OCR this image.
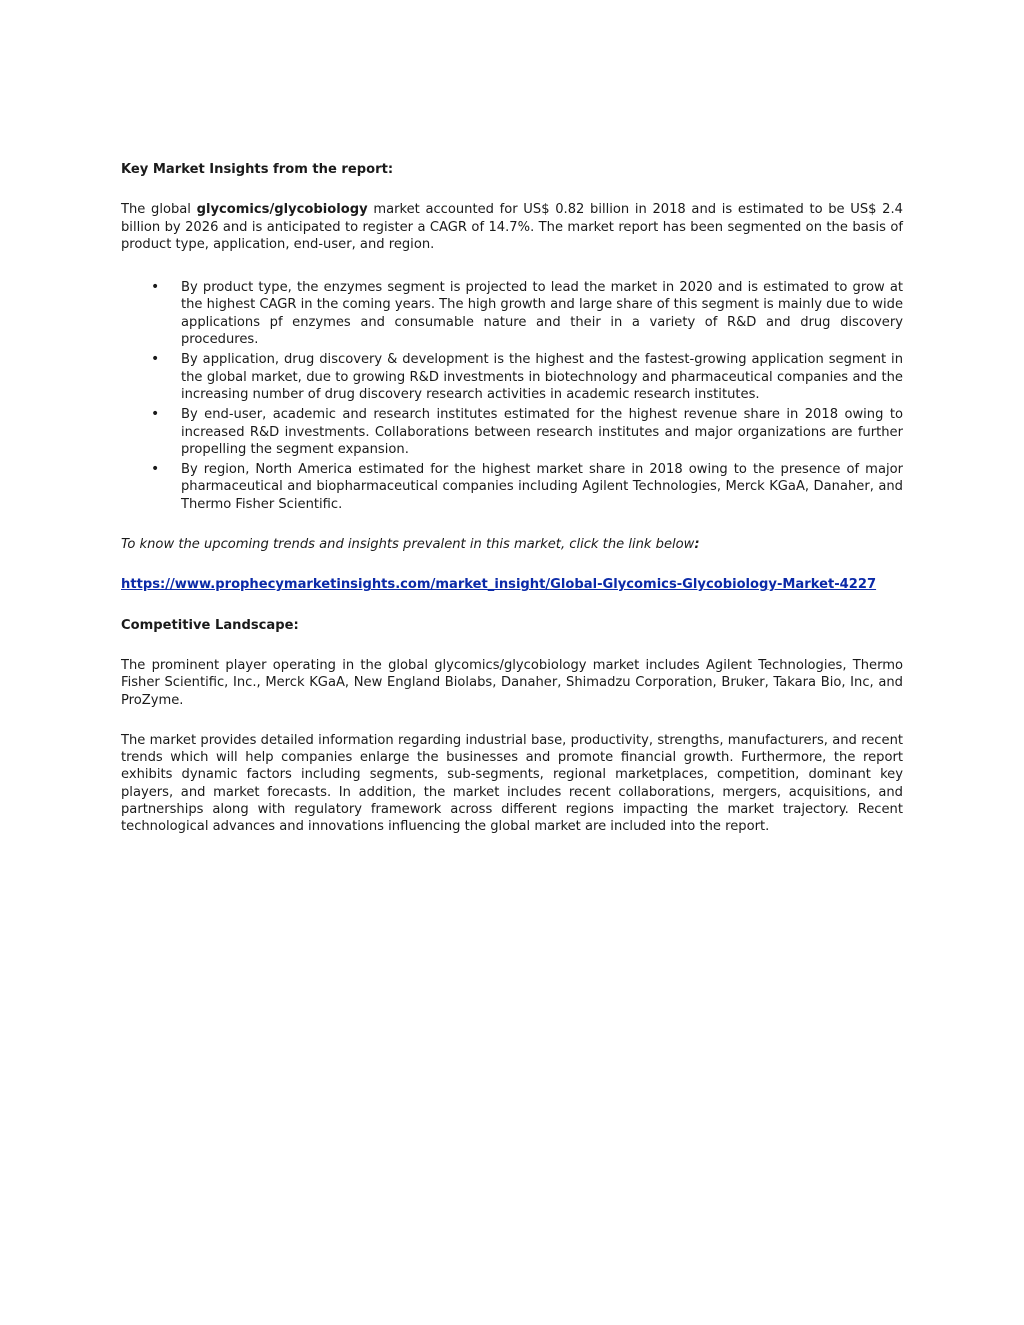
Key Market Insights from the report:

The global glycomics/glycobiology market accounted for US$ 0.82 billion in 2018 and is estimated to be US$ 2.4 billion by 2026 and is anticipated to register a CAGR of 14.7%. The market report has been segmented on the basis of product type, application, end-user, and region.

• By product type, the enzymes segment is projected to lead the market in 2020 and is estimated to grow at the highest CAGR in the coming years. The high growth and large share of this segment is mainly due to wide applications pf enzymes and consumable nature and their in a variety of R&D and drug discovery procedures.
• By application, drug discovery & development is the highest and the fastest-growing application segment in the global market, due to growing R&D investments in biotechnology and pharmaceutical companies and the increasing number of drug discovery research activities in academic research institutes.
• By end-user, academic and research institutes estimated for the highest revenue share in 2018 owing to increased R&D investments. Collaborations between research institutes and major organizations are further propelling the segment expansion.
• By region, North America estimated for the highest market share in 2018 owing to the presence of major pharmaceutical and biopharmaceutical companies including Agilent Technologies, Merck KGaA, Danaher, and Thermo Fisher Scientific.

To know the upcoming trends and insights prevalent in this market, click the link below:

https://www.prophecymarketinsights.com/market_insight/Global-Glycomics-Glycobiology-Market-4227

Competitive Landscape:

The prominent player operating in the global glycomics/glycobiology market includes Agilent Technologies, Thermo Fisher Scientific, Inc., Merck KGaA, New England Biolabs, Danaher, Shimadzu Corporation, Bruker, Takara Bio, Inc, and ProZyme.

The market provides detailed information regarding industrial base, productivity, strengths, manufacturers, and recent trends which will help companies enlarge the businesses and promote financial growth. Furthermore, the report exhibits dynamic factors including segments, sub-segments, regional marketplaces, competition, dominant key players, and market forecasts. In addition, the market includes recent collaborations, mergers, acquisitions, and partnerships along with regulatory framework across different regions impacting the market trajectory. Recent technological advances and innovations influencing the global market are included into the report.
